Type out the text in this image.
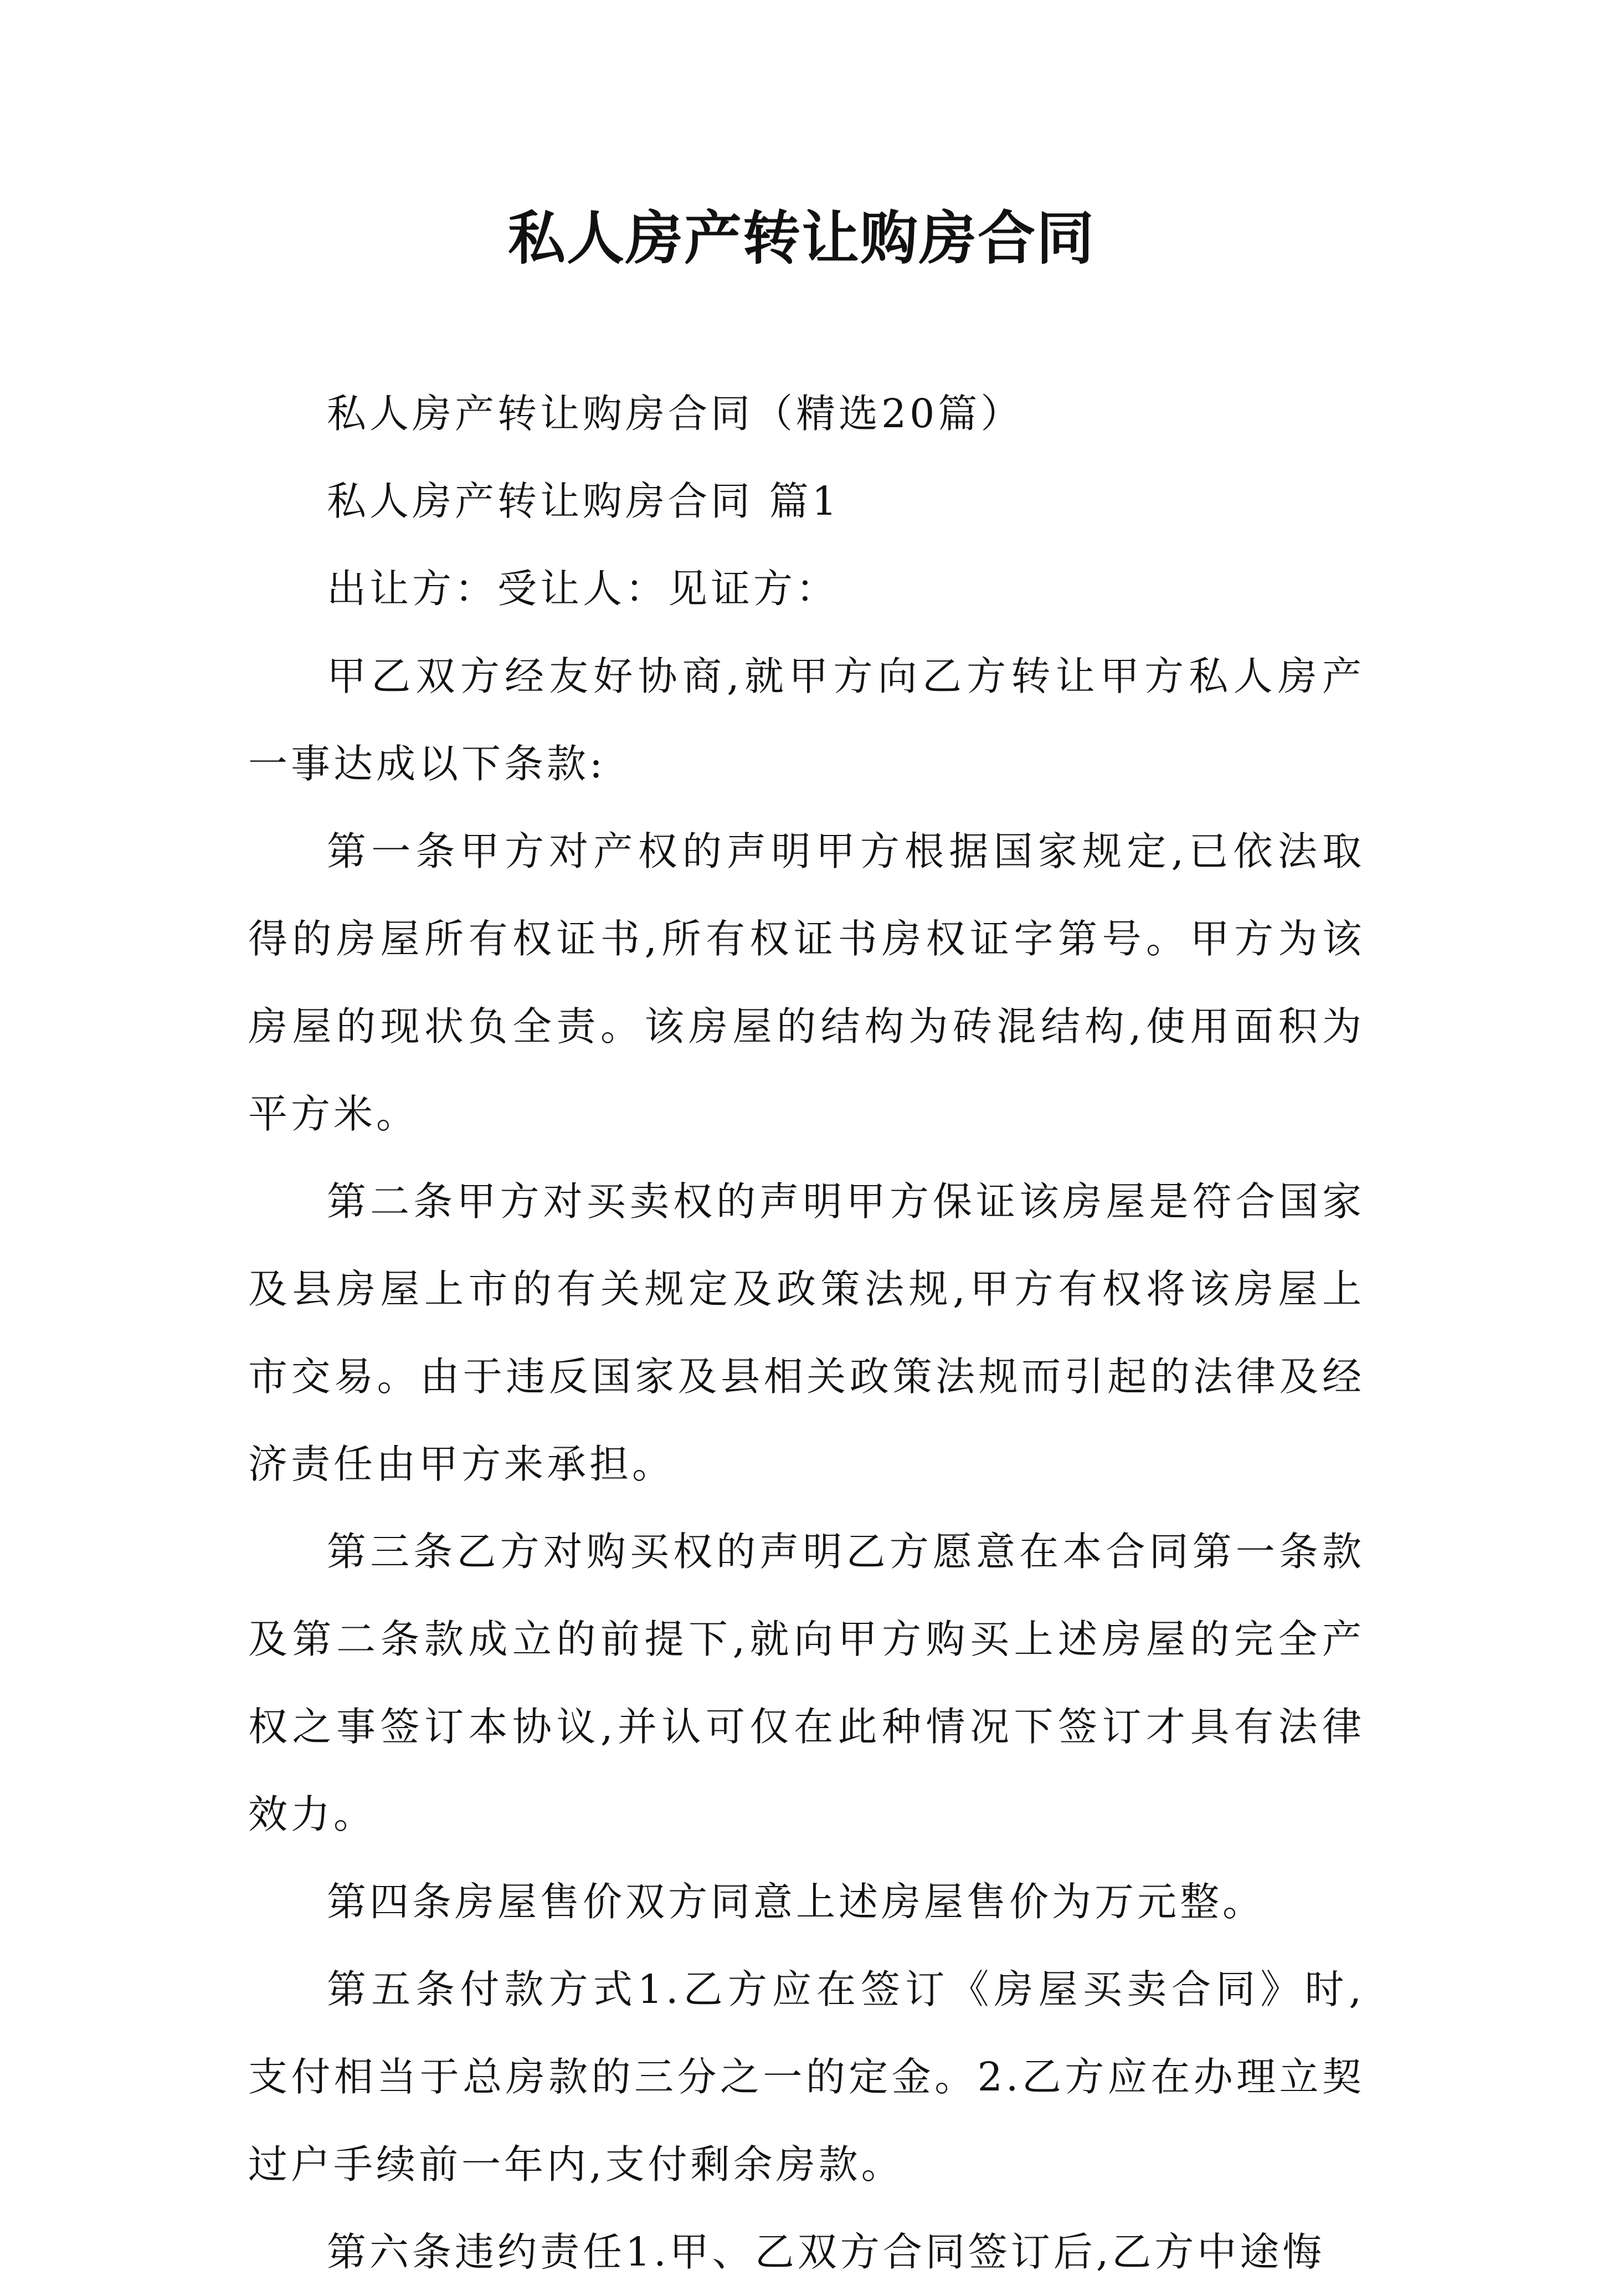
私人房产转让购房合同

私人房产转让购房合同（精选20篇）

私人房产转让购房合同 篇1

出让方：受让人：见证方：

甲乙双方经友好协商,就甲方向乙方转让甲方私人房产一事达成以下条款:

第一条甲方对产权的声明甲方根据国家规定,已依法取得的房屋所有权证书,所有权证书房权证字第号。甲方为该房屋的现状负全责。该房屋的结构为砖混结构,使用面积为平方米。

第二条甲方对买卖权的声明甲方保证该房屋是符合国家及县房屋上市的有关规定及政策法规,甲方有权将该房屋上市交易。由于违反国家及县相关政策法规而引起的法律及经济责任由甲方来承担。

第三条乙方对购买权的声明乙方愿意在本合同第一条款及第二条款成立的前提下,就向甲方购买上述房屋的完全产权之事签订本协议,并认可仅在此种情况下签订才具有法律效力。

第四条房屋售价双方同意上述房屋售价为万元整。

第五条付款方式1.乙方应在签订《房屋买卖合同》时,支付相当于总房款的三分之一的定金。2.乙方应在办理立契过户手续前一年内,支付剩余房款。

第六条违约责任1.甲、乙双方合同签订后,乙方中途悔
